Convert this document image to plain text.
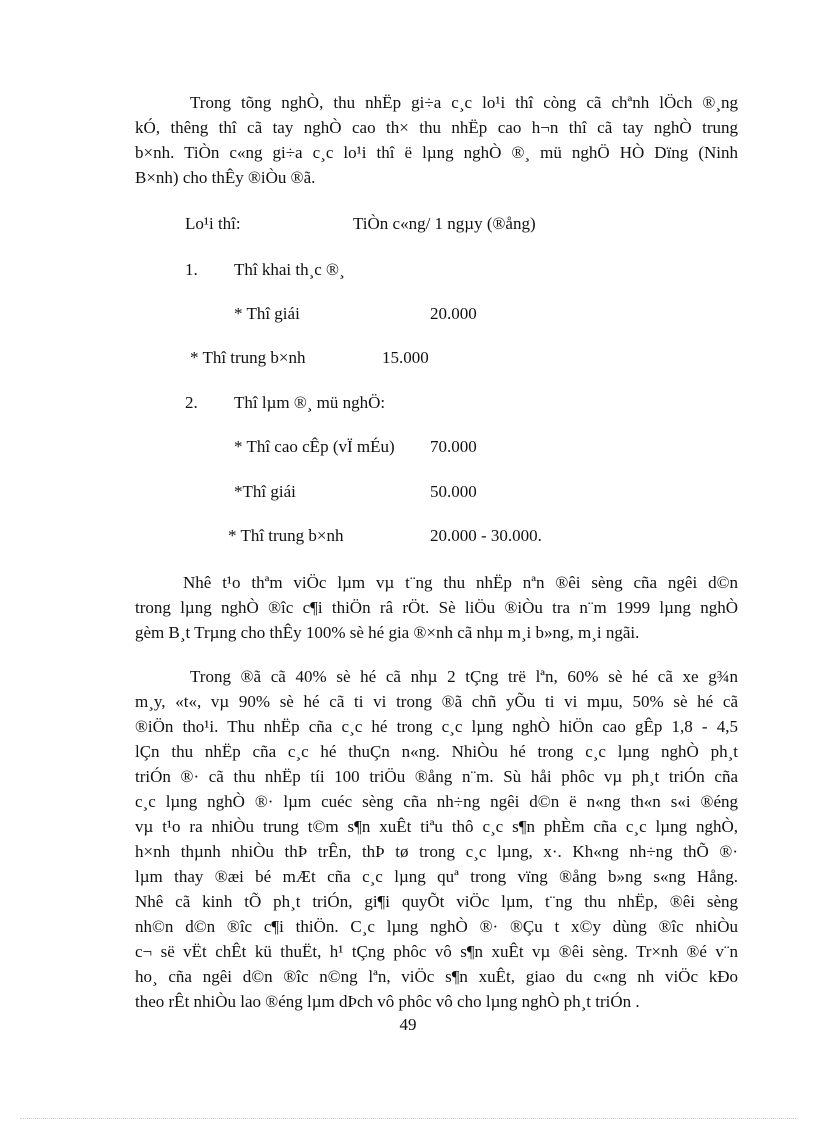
Trong tõng nghÒ, thu nhËp gi÷a c¸c lo¹i thî còng cã chªnh lÖch ®¸ng
kÓ, thêng thî cã tay nghÒ cao th× thu nhËp cao h¬n thî cã tay nghÒ trung
b×nh. TiÒn c«ng gi÷a c¸c lo¹i thî ë lµng nghÒ ®¸ mü nghÖ HÒ Dïng (Ninh
B×nh) cho thÊy ®iÒu ®ã.

Lo¹i thî:	TiÒn c«ng/ 1 ngµy (®ång)
1. Thî khai th¸c ®¸
* Thî giái	20.000
* Thî trung b×nh	15.000
2. Thî lµm ®¸ mü nghÖ:
* Thî cao cÊp (vÏ mÉu) 70.000
*Thî giái	50.000
* Thî trung b×nh	20.000 - 30.000.

Nhê t¹o thªm viÖc lµm vµ t¨ng thu nhËp nªn ®êi sèng cña ngêi d©n
trong lµng nghÒ ®îc c¶i thiÖn râ rÖt. Sè liÖu ®iÒu tra n¨m 1999 lµng nghÒ
gèm B¸t Trµng cho thÊy 100% sè hé gia ®×nh cã nhµ m¸i b»ng, m¸i ngãi.

Trong ®ã cã 40% sè hé cã nhµ 2 tÇng trë lªn, 60% sè hé cã xe g¾n
m¸y, «t«, vµ 90% sè hé cã ti vi trong ®ã chñ yÕu ti vi mµu, 50% sè hé cã
®iÖn tho¹i. Thu nhËp cña c¸c hé trong c¸c lµng nghÒ hiÖn cao gÊp 1,8 - 4,5
lÇn thu nhËp cña c¸c hé thuÇn n«ng. NhiÒu hé trong c¸c lµng nghÒ ph¸t
triÓn ®· cã thu nhËp tíi 100 triÖu ®ång n¨m. Sù håi phôc vµ ph¸t triÓn cña
c¸c lµng nghÒ ®· lµm cuéc sèng cña nh÷ng ngêi d©n ë n«ng th«n s«i ®éng
vµ t¹o ra nhiÒu trung t©m s¶n xuÊt tiªu thô c¸c s¶n phÈm cña c¸c lµng nghÒ,
h×nh thµnh nhiÒu thÞ trÊn, thÞ tø trong c¸c lµng, x·. Kh«ng nh÷ng thÕ ®·
lµm thay ®æi bé mÆt cña c¸c lµng quª trong vïng ®ång b»ng s«ng Hång.
Nhê cã kinh tÕ ph¸t triÓn, gi¶i quyÕt viÖc lµm, t¨ng thu nhËp, ®êi sèng
nh©n d©n ®îc c¶i thiÖn. C¸c lµng nghÒ ®· ®Çu t x©y dùng ®îc nhiÒu
c¬ së vËt chÊt kü thuËt, h¹ tÇng phôc vô s¶n xuÊt vµ ®êi sèng. Tr×nh ®é v¨n
ho¸ cña ngêi d©n ®îc n©ng lªn, viÖc s¶n xuÊt, giao du c«ng nh viÖc kÐo
theo rÊt nhiÒu lao ®éng lµm dÞch vô phôc vô cho lµng nghÒ ph¸t triÓn .

49
